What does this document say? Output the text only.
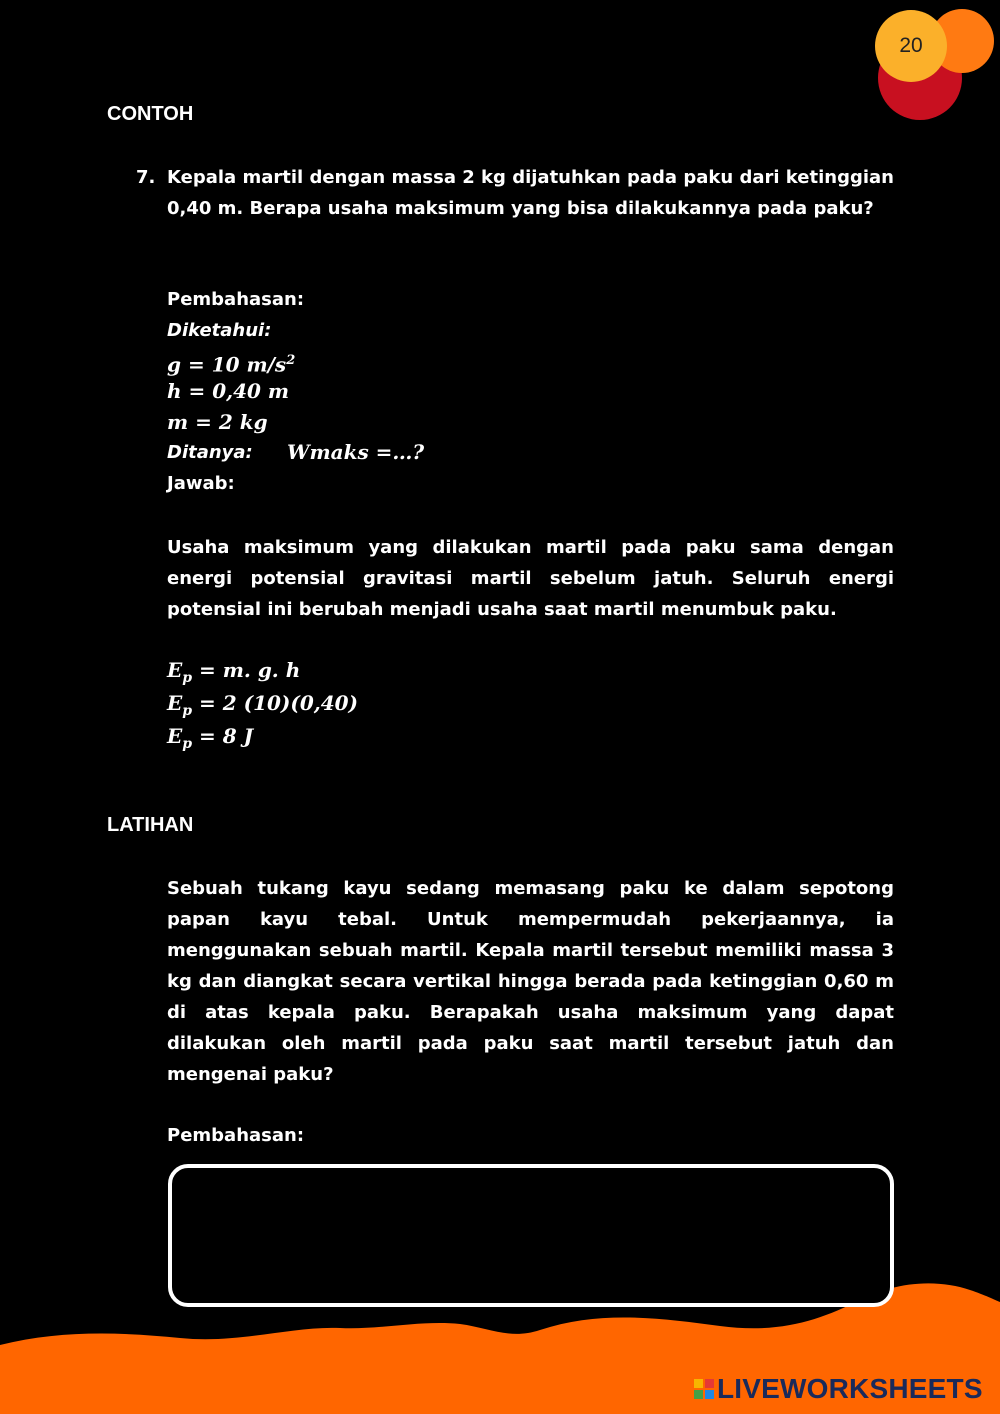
20
CONTOH
7. Kepala martil dengan massa 2 kg dijatuhkan pada paku dari ketinggian 0,40 m. Berapa usaha maksimum yang bisa dilakukannya pada paku?
Pembahasan:
Diketahui:
g = 10 $m/s^2$
h = 0,40 m
m = 2 kg
Ditanya: Wmaks =…?
Jawab:
Usaha maksimum yang dilakukan martil pada paku sama dengan energi potensial gravitasi martil sebelum jatuh. Seluruh energi potensial ini berubah menjadi usaha saat martil menumbuk paku.
$E_p = m$. g. h
$E_p = 2$ (10)(0,40)
$E_p = 8$ J
LATIHAN
Sebuah tukang kayu sedang memasang paku ke dalam sepotong papan kayu tebal. Untuk mempermudah pekerjaannya, ia menggunakan sebuah martil. Kepala martil tersebut memiliki massa 3 kg dan diangkat secara vertikal hingga berada pada ketinggian 0,60 m di atas kepala paku. Berapakah usaha maksimum yang dapat dilakukan oleh martil pada paku saat martil tersebut jatuh dan mengenai paku?
Pembahasan:
LIVEWORKSHEETS
